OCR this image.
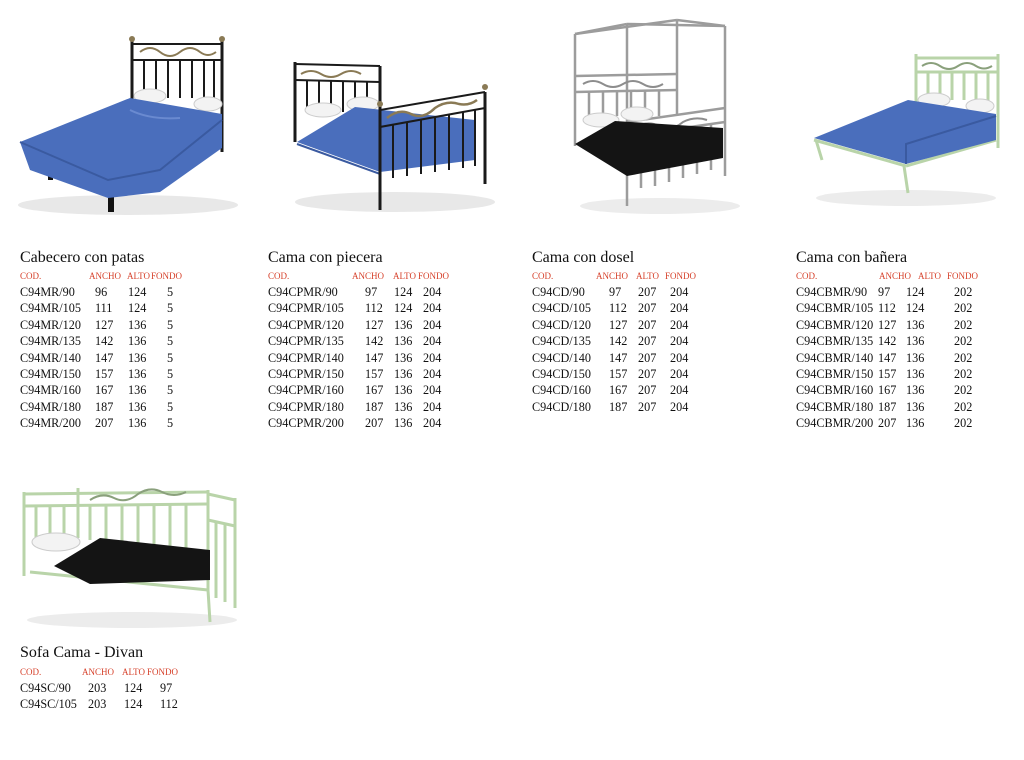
Cabecero con patas
COD.	ANCHO ALTO FONDO
C94MR/90 96 124 5
C94MR/105 111 124 5
C94MR/120 127 136 5
C94MR/135 142 136 5
C94MR/140 147 136 5
C94MR/150 157 136 5
C94MR/160 167 136 5
C94MR/180 187 136 5
C94MR/200 207 136 5
Cama con piecera
COD.	ANCHO ALTO FONDO
C94CPMR/90 97 124 204
C94CPMR/105 112 124 204
C94CPMR/120 127 136 204
C94CPMR/135 142 136 204
C94CPMR/140 147 136 204
C94CPMR/150 157 136 204
C94CPMR/160 167 136 204
C94CPMR/180 187 136 204
C94CPMR/200 207 136 204
Cama con dosel
COD.	ANCHO ALTO FONDO
C94CD/90 97 207 204
C94CD/105 112 207 204
C94CD/120 127 207 204
C94CD/135 142 207 204
C94CD/140 147 207 204
C94CD/150 157 207 204
C94CD/160 167 207 204
C94CD/180 187 207 204
Cama con bañera
COD.	ANCHO ALTO FONDO
C94CBMR/90 97 124 202
C94CBMR/105 112 124 202
C94CBMR/120 127 136 202
C94CBMR/135 142 136 202
C94CBMR/140 147 136 202
C94CBMR/150 157 136 202
C94CBMR/160 167 136 202
C94CBMR/180 187 136 202
C94CBMR/200 207 136 202
Sofa Cama - Divan
COD.	ANCHO ALTO FONDO
C94SC/90 203 124 97
C94SC/105 203 124 112
